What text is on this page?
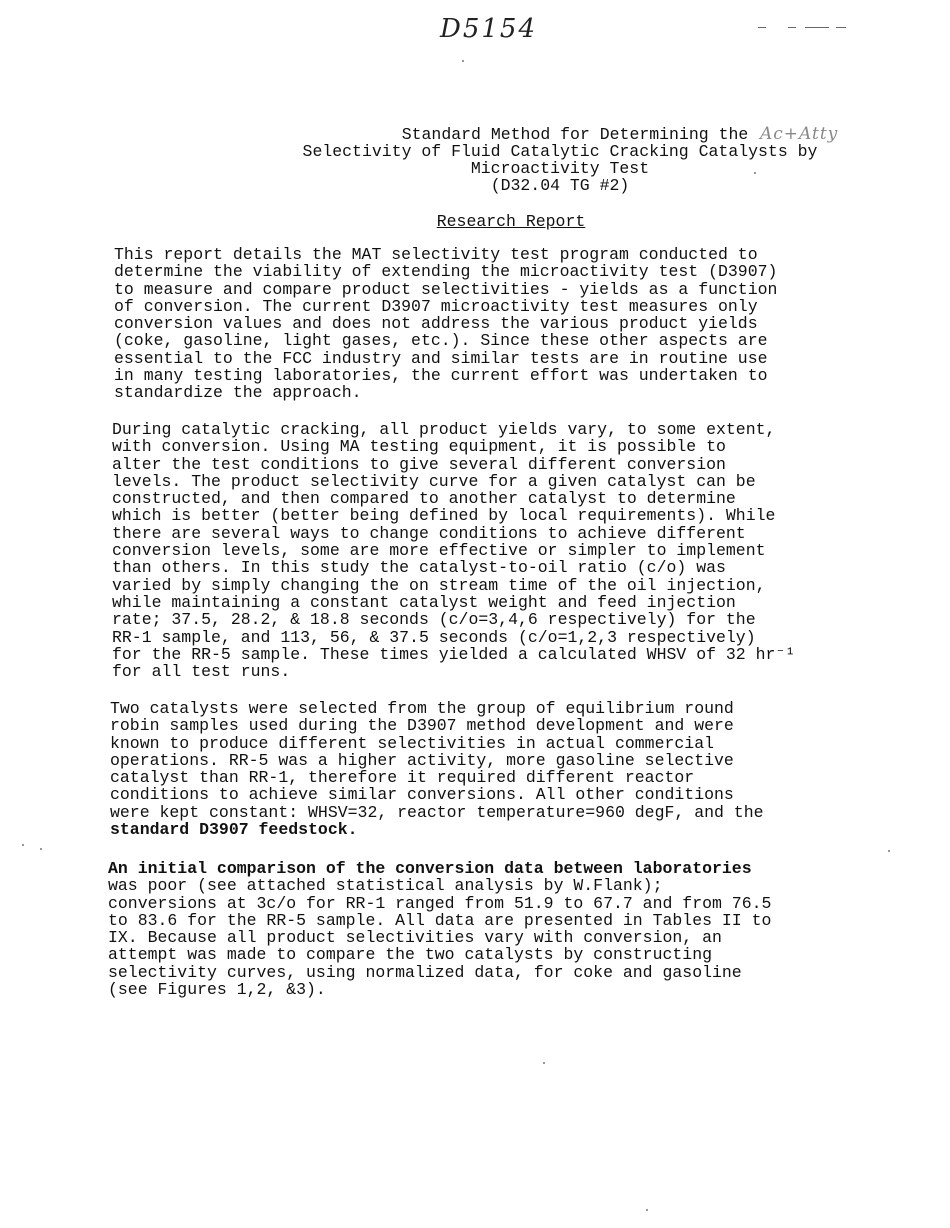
D5154
Ac+Atty
Standard Method for Determining the
Selectivity of Fluid Catalytic Cracking Catalysts by
Microactivity Test
(D32.04 TG #2)
Research Report
This report details the MAT selectivity test program conducted to
determine the viability of extending the microactivity test (D3907)
to measure and compare product selectivities - yields as a function
of conversion. The current D3907 microactivity test measures only
conversion values and does not address the various product yields
(coke, gasoline, light gases, etc.). Since these other aspects are
essential to the FCC industry and similar tests are in routine use
in many testing laboratories, the current effort was undertaken to
standardize the approach.
During catalytic cracking, all product yields vary, to some extent,
with conversion. Using MA testing equipment, it is possible to
alter the test conditions to give several different conversion
levels. The product selectivity curve for a given catalyst can be
constructed, and then compared to another catalyst to determine
which is better (better being defined by local requirements). While
there are several ways to change conditions to achieve different
conversion levels, some are more effective or simpler to implement
than others. In this study the catalyst-to-oil ratio (c/o) was
varied by simply changing the on stream time of the oil injection,
while maintaining a constant catalyst weight and feed injection
rate; 37.5, 28.2, & 18.8 seconds (c/o=3,4,6 respectively) for the
RR-1 sample, and 113, 56, & 37.5 seconds (c/o=1,2,3 respectively)
for the RR-5 sample. These times yielded a calculated WHSV of 32 hr⁻¹
for all test runs.
Two catalysts were selected from the group of equilibrium round
robin samples used during the D3907 method development and were
known to produce different selectivities in actual commercial
operations. RR-5 was a higher activity, more gasoline selective
catalyst than RR-1, therefore it required different reactor
conditions to achieve similar conversions. All other conditions
were kept constant: WHSV=32, reactor temperature=960 degF, and the
standard D3907 feedstock.
An initial comparison of the conversion data between laboratories
was poor (see attached statistical analysis by W.Flank);
conversions at 3c/o for RR-1 ranged from 51.9 to 67.7 and from 76.5
to 83.6 for the RR-5 sample. All data are presented in Tables II to
IX. Because all product selectivities vary with conversion, an
attempt was made to compare the two catalysts by constructing
selectivity curves, using normalized data, for coke and gasoline
(see Figures 1,2, &3).
